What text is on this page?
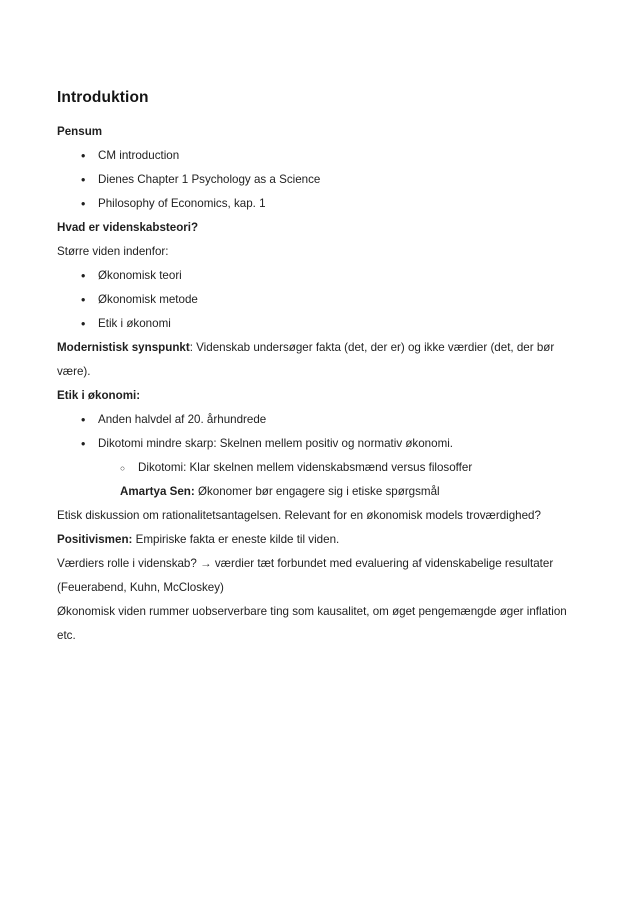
Introduktion

Pensum

• CM introduction
• Dienes Chapter 1 Psychology as a Science
• Philosophy of Economics, kap. 1

Hvad er videnskabsteori?

Større viden indenfor:

• Økonomisk teori
• Økonomisk metode
• Etik i økonomi

Modernistisk synspunkt: Videnskab undersøger fakta (det, der er) og ikke værdier (det, der bør være).

Etik i økonomi:

• Anden halvdel af 20. århundrede
• Dikotomi mindre skarp: Skelnen mellem positiv og normativ økonomi.
○ Dikotomi: Klar skelnen mellem videnskabsmænd versus filosoffer

Amartya Sen: Økonomer bør engagere sig i etiske spørgsmål

Etisk diskussion om rationalitetsantagelsen. Relevant for en økonomisk models troværdighed?

Positivismen: Empiriske fakta er eneste kilde til viden.

Værdiers rolle i videnskab? → værdier tæt forbundet med evaluering af videnskabelige resultater (Feuerabend, Kuhn, McCloskey)

Økonomisk viden rummer uobserverbare ting som kausalitet, om øget pengemængde øger inflation etc.
